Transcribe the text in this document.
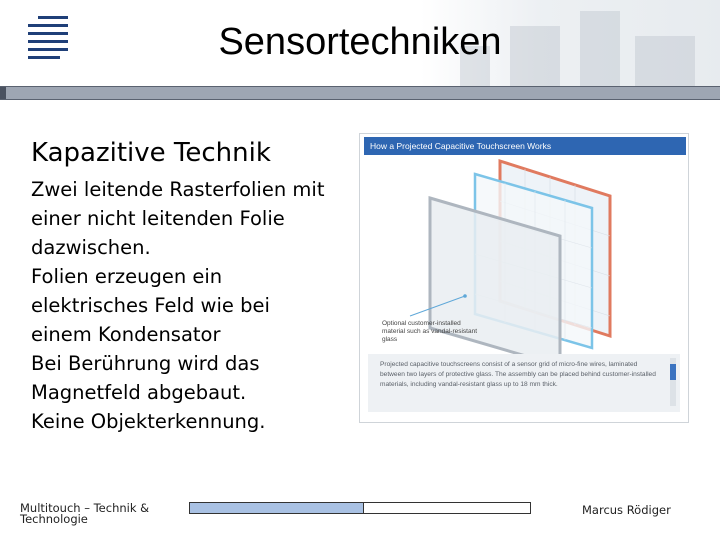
Sensortechniken
Kapazitive Technik
Zwei leitende Rasterfolien mit
einer nicht leitenden Folie
dazwischen.
Folien erzeugen ein
elektrisches Feld wie bei
einem Kondensator
Bei Berührung wird das
Magnetfeld abgebaut.
Keine Objekterkennung.
How a Projected Capacitive Touchscreen Works
Optional customer-installed material such as vandal-resistant glass
Projected capacitive touchscreens consist of a sensor grid of micro-fine wires, laminated between two layers of protective glass. The assembly can be placed behind customer-installed materials, including vandal-resistant glass up to 18 mm thick.
Multitouch – Technik & Technologie
Marcus Rödiger
